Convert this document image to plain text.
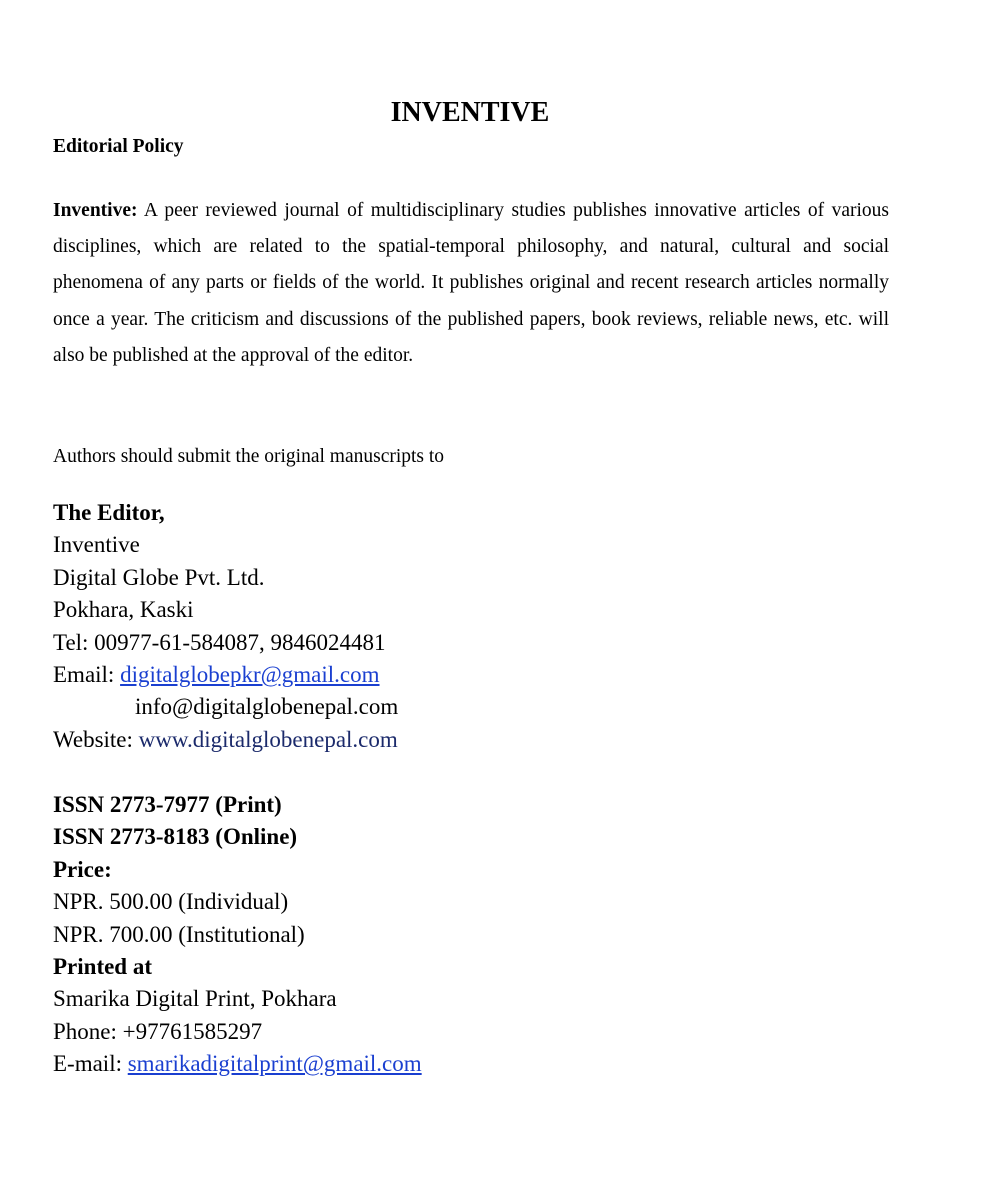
INVENTIVE
Editorial Policy

Inventive: A peer reviewed journal of multidisciplinary studies publishes innovative articles of various disciplines, which are related to the spatial-temporal philosophy, and natural, cultural and social phenomena of any parts or fields of the world. It publishes original and recent research articles normally once a year. The criticism and discussions of the published papers, book reviews, reliable news, etc. will also be published at the approval of the editor.

Authors should submit the original manuscripts to

The Editor,
Inventive
Digital Globe Pvt. Ltd.
Pokhara, Kaski
Tel: 00977-61-584087, 9846024481
Email: digitalglobepkr@gmail.com
info@digitalglobenepal.com
Website: www.digitalglobenepal.com
ISSN 2773-7977 (Print)
ISSN 2773-8183 (Online)
Price:
NPR. 500.00 (Individual)
NPR. 700.00 (Institutional)
Printed at
Smarika Digital Print, Pokhara
Phone: +97761585297
E-mail: smarikadigitalprint@gmail.com
